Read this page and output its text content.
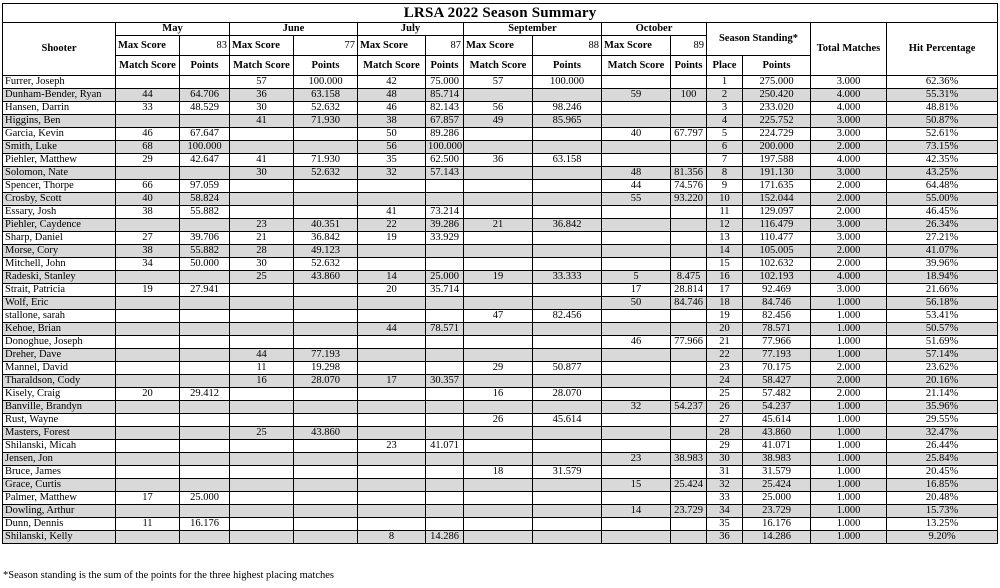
LRSA 2022 Season Summary														
Shooter	May		June		July		September		October		Season Standing*		Total Matches	Hit Percentage
	Max Score	83	Max Score	77	Max Score	87	Max Score	88	Max Score	89				
	Match Score	Points	Match Score	Points	Match Score	Points	Match Score	Points	Match Score	Points	Place	Points		
Furrer, Joseph			57	100.000	42	75.000	57	100.000			1	275.000	3.000	62.36%
Dunham-Bender, Ryan	44	64.706	36	63.158	48	85.714			59	100	2	250.420	4.000	55.31%
Hansen, Darrin	33	48.529	30	52.632	46	82.143	56	98.246			3	233.020	4.000	48.81%
Higgins, Ben			41	71.930	38	67.857	49	85.965			4	225.752	3.000	50.87%
Garcia, Kevin	46	67.647			50	89.286			40	67.797	5	224.729	3.000	52.61%
Smith, Luke	68	100.000			56	100.000					6	200.000	2.000	73.15%
Piehler, Matthew	29	42.647	41	71.930	35	62.500	36	63.158			7	197.588	4.000	42.35%
Solomon, Nate			30	52.632	32	57.143			48	81.356	8	191.130	3.000	43.25%
Spencer, Thorpe	66	97.059							44	74.576	9	171.635	2.000	64.48%
Crosby, Scott	40	58.824							55	93.220	10	152.044	2.000	55.00%
Essary, Josh	38	55.882			41	73.214					11	129.097	2.000	46.45%
Piehler, Caydence			23	40.351	22	39.286	21	36.842			12	116.479	3.000	26.34%
Sharp, Daniel	27	39.706	21	36.842	19	33.929					13	110.477	3.000	27.21%
Morse, Cory	38	55.882	28	49.123							14	105.005	2.000	41.07%
Mitchell, John	34	50.000	30	52.632							15	102.632	2.000	39.96%
Radeski, Stanley			25	43.860	14	25.000	19	33.333	5	8.475	16	102.193	4.000	18.94%
Strait, Patricia	19	27.941			20	35.714			17	28.814	17	92.469	3.000	21.66%
Wolf, Eric									50	84.746	18	84.746	1.000	56.18%
stallone, sarah							47	82.456			19	82.456	1.000	53.41%
Kehoe, Brian					44	78.571					20	78.571	1.000	50.57%
Donoghue, Joseph									46	77.966	21	77.966	1.000	51.69%
Dreher, Dave			44	77.193							22	77.193	1.000	57.14%
Mannel, David			11	19.298			29	50.877			23	70.175	2.000	23.62%
Tharaldson, Cody			16	28.070	17	30.357					24	58.427	2.000	20.16%
Kisely, Craig	20	29.412					16	28.070			25	57.482	2.000	21.14%
Banville, Brandyn									32	54.237	26	54.237	1.000	35.96%
Rust, Wayne							26	45.614			27	45.614	1.000	29.55%
Masters, Forest			25	43.860							28	43.860	1.000	32.47%
Shilanski, Micah					23	41.071					29	41.071	1.000	26.44%
Jensen, Jon									23	38.983	30	38.983	1.000	25.84%
Bruce, James							18	31.579			31	31.579	1.000	20.45%
Grace, Curtis									15	25.424	32	25.424	1.000	16.85%
Palmer, Matthew	17	25.000									33	25.000	1.000	20.48%
Dowling, Arthur									14	23.729	34	23.729	1.000	15.73%
Dunn, Dennis	11	16.176									35	16.176	1.000	13.25%
Shilanski, Kelly					8	14.286					36	14.286	1.000	9.20%
*Season standing is the sum of the points for the three highest placing matches
